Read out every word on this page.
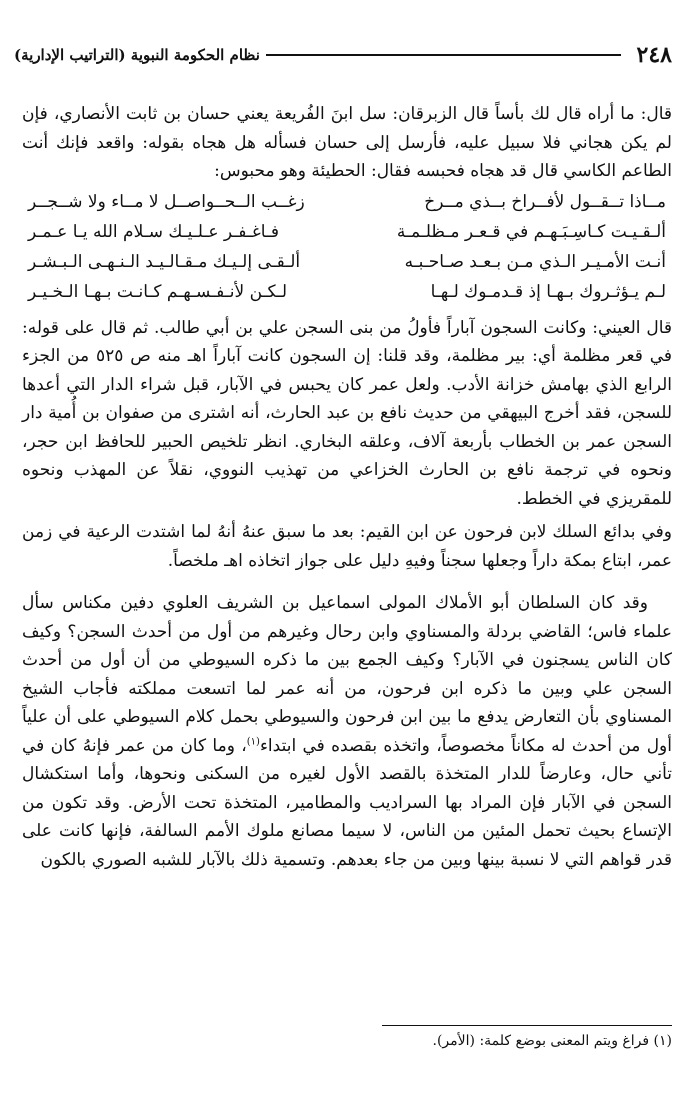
٢٤٨
نظام الحكومة النبوية (التراتيب الإدارية)

قال: ما أراه قال لك بأساً قال الزبرقان: سل ابنَ الفُريعة يعني حسان بن ثابت الأنصاري، فإن لم يكن هجاني فلا سبيل عليه، فأرسل إلى حسان فسأله هل هجاه بقوله: واقعد فإنك أنت الطاعم الكاسي قال قد هجاه فحبسه فقال: الحطيئة وهو محبوس:

مــاذا تــقــول لأفــراخ بــذي مــرخ		زغــب الــحــواصــل لا مــاء ولا شــجــر
ألـقـيـت كـاسِـبَـهـم في قـعـر مـظلـمـة		فـاغـفـر عـلـيـك سـلام الله يـا عـمـر
أنـت الأمـيـر الـذي مـن بـعـد صـاحـبـه		ألـقـى إلـيـك مـقـالـيـد الـنـهـى الـبـشـر
لـم يـؤثـروك بـهـا إذ قـدمـوك لـهـا		لـكـن لأنـفـسـهـم كـانـت بـهـا الـخـيـر

قال العيني: وكانت السجون آباراً فأولُ من بنى السجن علي بن أبي طالب. ثم قال على قوله: في قعر مظلمة أي: بير مظلمة، وقد قلنا: إن السجون كانت آباراً اهـ منه ص ٥٢٥ من الجزء الرابع الذي بهامش خزانة الأدب. ولعل عمر كان يحبس في الآبار، قبل شراء الدار التي أعدها للسجن، فقد أخرج البيهقي من حديث نافع بن عبد الحارث، أنه اشترى من صفوان بن أُمية دار السجن عمر بن الخطاب بأربعة آلاف، وعلقه البخاري. انظر تلخيص الحبير للحافظ ابن حجر، ونحوه في ترجمة نافع بن الحارث الخزاعي من تهذيب النووي، نقلاً عن المهذب ونحوه للمقريزي في الخطط.

وفي بدائع السلك لابن فرحون عن ابن القيم: بعد ما سبق عنهُ أنهُ لما اشتدت الرعية في زمن عمر، ابتاع بمكة داراً وجعلها سجناً وفيهِ دليل على جواز اتخاذه اهـ ملخصاً.

وقد كان السلطان أبو الأملاك المولى اسماعيل بن الشريف العلوي دفين مكناس سأل علماء فاس؛ القاضي بردلة والمسناوي وابن رحال وغيرهم من أول من أحدث السجن؟ وكيف كان الناس يسجنون في الآبار؟ وكيف الجمع بين ما ذكره السيوطي من أن أول من أحدث السجن علي وبين ما ذكره ابن فرحون، من أنه عمر لما اتسعت مملكته فأجاب الشيخ المسناوي بأن التعارض يدفع ما بين ابن فرحون والسيوطي بحمل كلام السيوطي على أن علياً أول من أحدث له مكاناً مخصوصاً، واتخذه بقصده في ابتداء$^{(١)}$، وما كان من عمر فإنهُ كان في تأني حال، وعارضاً للدار المتخذة بالقصد الأول لغيره من السكنى ونحوها، وأما استكشال السجن في الآبار فإن المراد بها السراديب والمطامير، المتخذة تحت الأرض. وقد تكون من الإتساع بحيث تحمل المئين من الناس، لا سيما مصانع ملوك الأمم السالفة، فإنها كانت على قدر قواهم التي لا نسبة بينها وبين من جاء بعدهم. وتسمية ذلك بالآبار للشبه الصوري بالكون

(١) فراغ ويتم المعنى بوضع كلمة: (الأمر).
